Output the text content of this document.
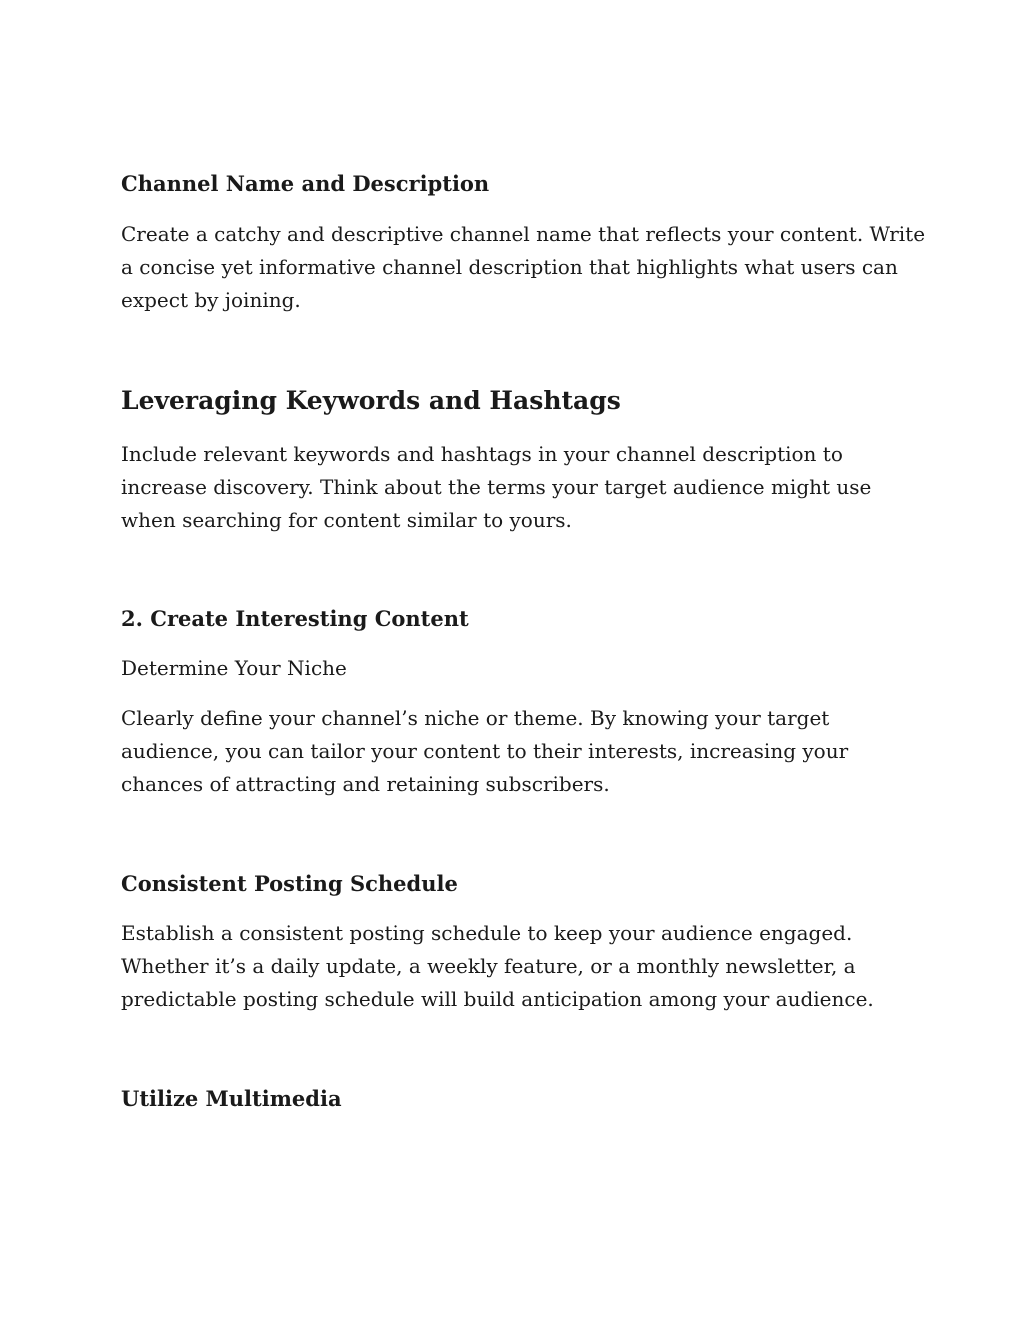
Channel Name and Description

Create a catchy and descriptive channel name that reflects your content. Write
a concise yet informative channel description that highlights what users can
expect by joining.

Leveraging Keywords and Hashtags

Include relevant keywords and hashtags in your channel description to
increase discovery. Think about the terms your target audience might use
when searching for content similar to yours.

2. Create Interesting Content

Determine Your Niche

Clearly define your channel’s niche or theme. By knowing your target
audience, you can tailor your content to their interests, increasing your
chances of attracting and retaining subscribers.

Consistent Posting Schedule

Establish a consistent posting schedule to keep your audience engaged.
Whether it’s a daily update, a weekly feature, or a monthly newsletter, a
predictable posting schedule will build anticipation among your audience.

Utilize Multimedia
